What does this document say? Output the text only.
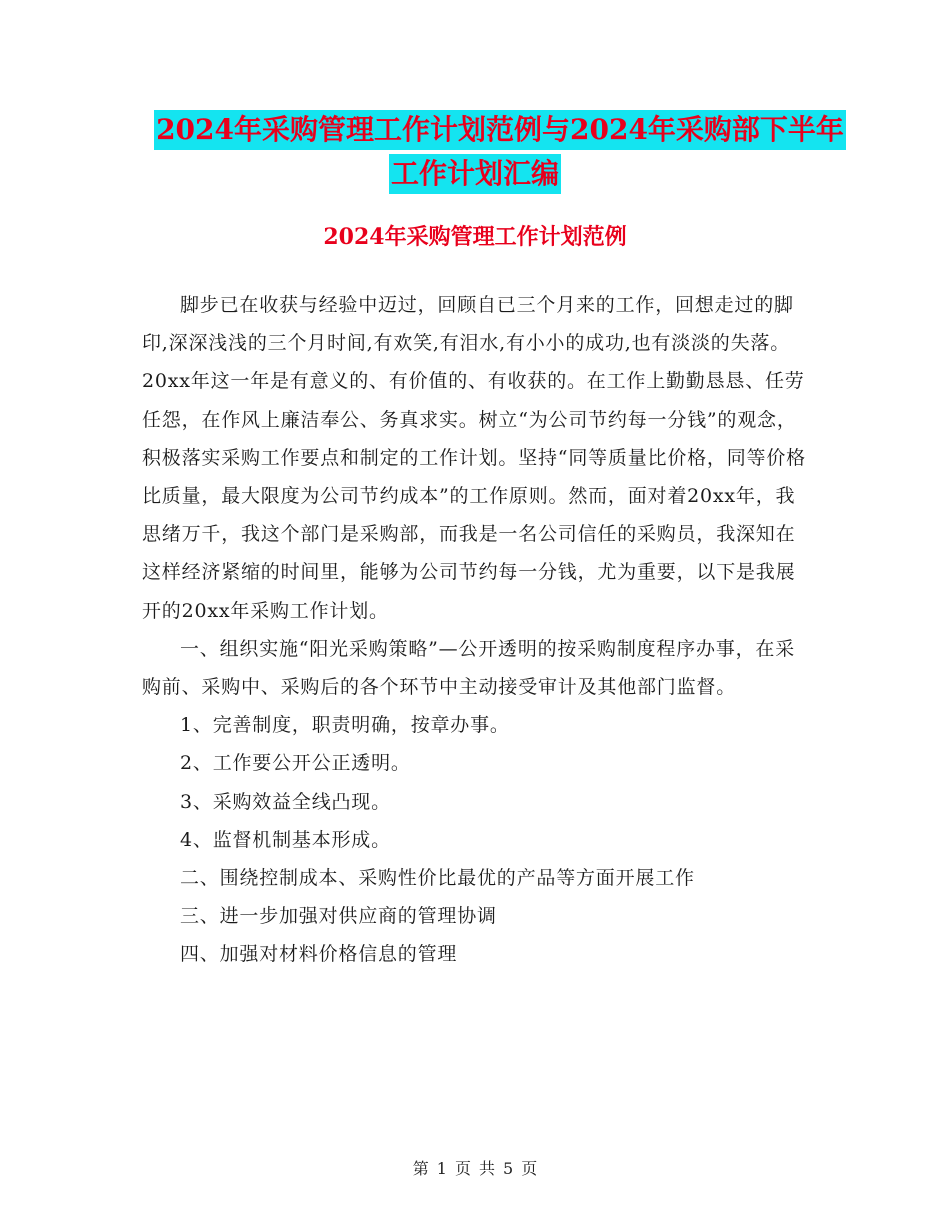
2024年采购管理工作计划范例与2024年采购部下半年
工作计划汇编
2024年采购管理工作计划范例

脚步已在收获与经验中迈过，回顾自已三个月来的工作，回想走过的脚印,深深浅浅的三个月时间,有欢笑,有泪水,有小小的成功,也有淡淡的失落。20xx年这一年是有意义的、有价值的、有收获的。在工作上勤勤恳恳、任劳任怨，在作风上廉洁奉公、务真求实。树立“为公司节约每一分钱”的观念，积极落实采购工作要点和制定的工作计划。坚持“同等质量比价格，同等价格比质量，最大限度为公司节约成本”的工作原则。然而，面对着20xx年，我思绪万千，我这个部门是采购部，而我是一名公司信任的采购员，我深知在这样经济紧缩的时间里，能够为公司节约每一分钱，尤为重要，以下是我展开的20xx年采购工作计划。

一、组织实施“阳光采购策略”—公开透明的按采购制度程序办事，在采购前、采购中、采购后的各个环节中主动接受审计及其他部门监督。

1、完善制度，职责明确，按章办事。

2、工作要公开公正透明。

3、采购效益全线凸现。

4、监督机制基本形成。

二、围绕控制成本、采购性价比最优的产品等方面开展工作

三、进一步加强对供应商的管理协调

四、加强对材料价格信息的管理

第 1 页 共 5 页
